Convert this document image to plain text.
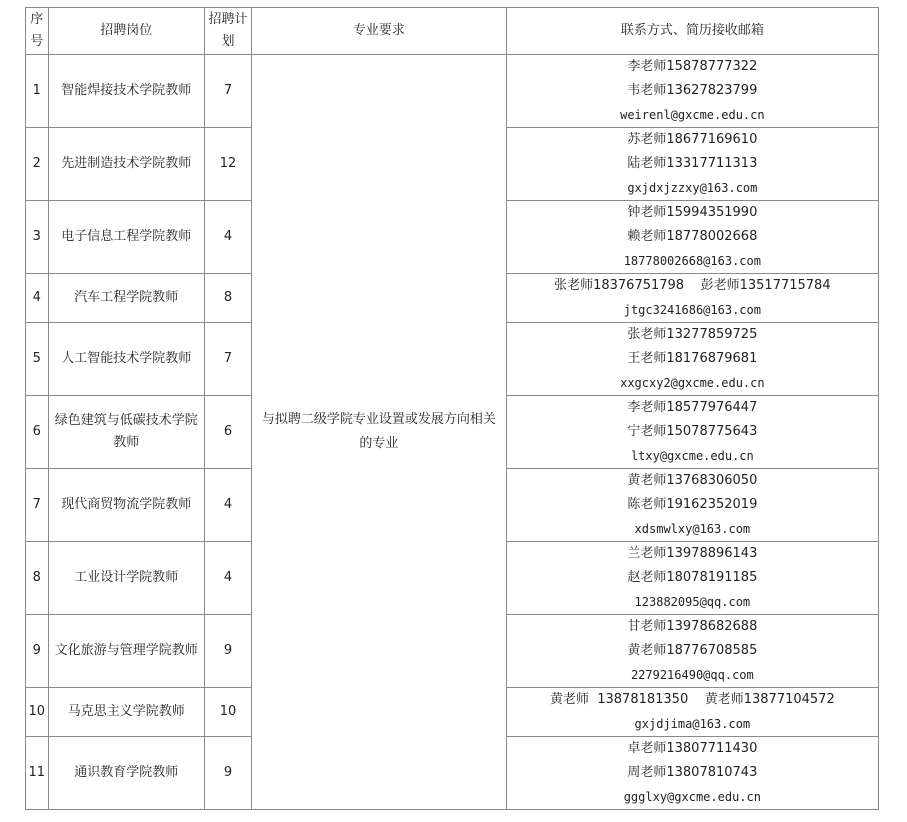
序号	招聘岗位	招聘计划	专业要求	联系方式、简历接收邮箱
1	智能焊接技术学院教师	7	与拟聘二级学院专业设置或发展方向相关的专业	李老师15878777322
韦老师13627823799
weirenl@gxcme.edu.cn

2	先进制造技术学院教师	12		苏老师18677169610
陆老师13317711313
gxjdxjzzxy@163.com

3	电子信息工程学院教师	4		钟老师15994351990
赖老师18778002668
18778002668@163.com

4	汽车工程学院教师	8		张老师18376751798    彭老师13517715784
jtgc3241686@163.com

5	人工智能技术学院教师	7		张老师13277859725
王老师18176879681
xxgcxy2@gxcme.edu.cn

6	绿色建筑与低碳技术学院教师	6		李老师18577976447
宁老师15078775643
ltxy@gxcme.edu.cn

7	现代商贸物流学院教师	4		黄老师13768306050
陈老师19162352019
xdsmwlxy@163.com

8	工业设计学院教师	4		兰老师13978896143
赵老师18078191185
123882095@qq.com

9	文化旅游与管理学院教师	9		甘老师13978682688
黄老师18776708585
2279216490@qq.com

10	马克思主义学院教师	10		黄老师  13878181350    黄老师13877104572
gxjdjima@163.com

11	通识教育学院教师	9		卓老师13807711430
周老师13807810743
ggglxy@gxcme.edu.cn
